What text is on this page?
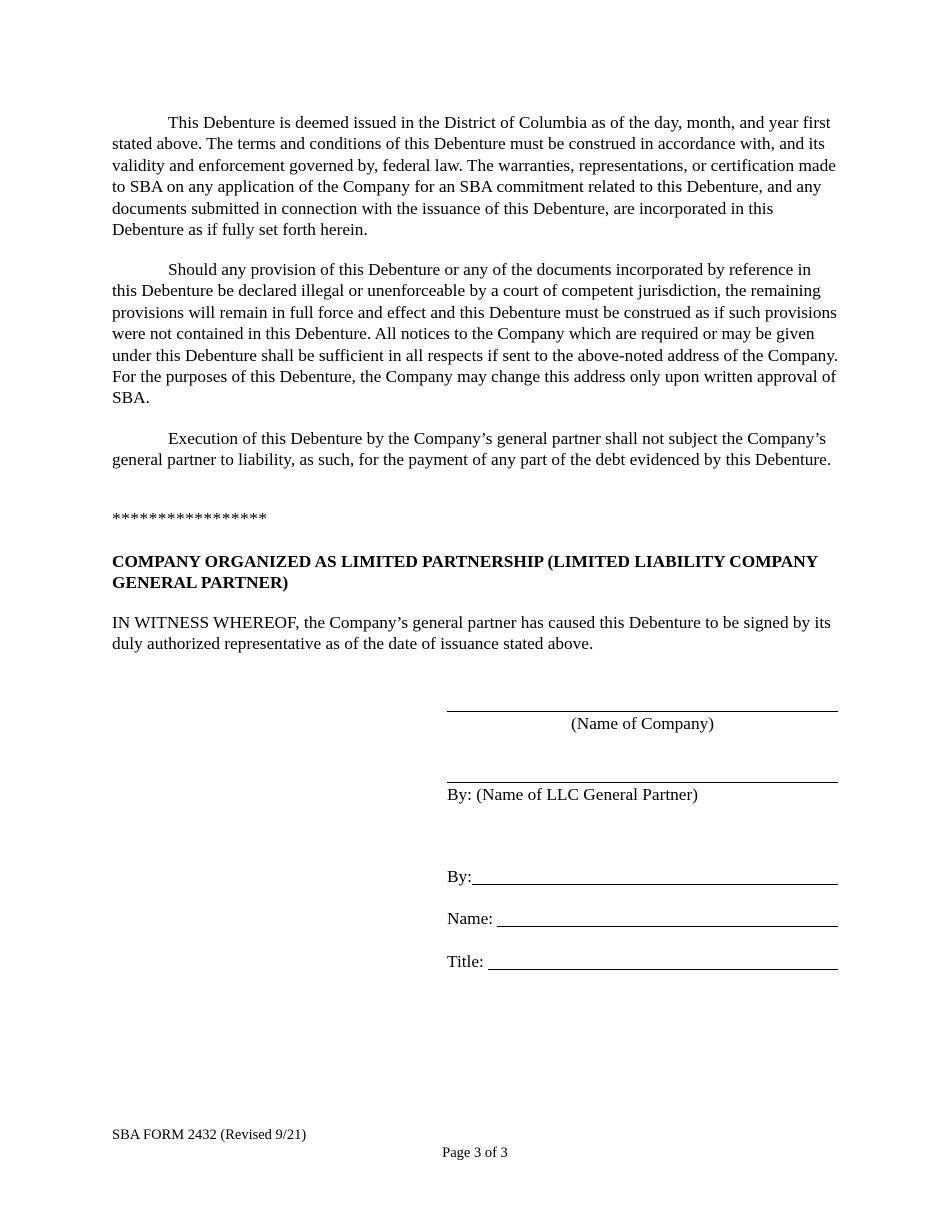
This Debenture is deemed issued in the District of Columbia as of the day, month, and year first stated above. The terms and conditions of this Debenture must be construed in accordance with, and its validity and enforcement governed by, federal law. The warranties, representations, or certification made to SBA on any application of the Company for an SBA commitment related to this Debenture, and any documents submitted in connection with the issuance of this Debenture, are incorporated in this Debenture as if fully set forth herein.

Should any provision of this Debenture or any of the documents incorporated by reference in this Debenture be declared illegal or unenforceable by a court of competent jurisdiction, the remaining provisions will remain in full force and effect and this Debenture must be construed as if such provisions were not contained in this Debenture. All notices to the Company which are required or may be given under this Debenture shall be sufficient in all respects if sent to the above-noted address of the Company. For the purposes of this Debenture, the Company may change this address only upon written approval of SBA.

Execution of this Debenture by the Company’s general partner shall not subject the Company’s general partner to liability, as such, for the payment of any part of the debt evidenced by this Debenture.

*****************

COMPANY ORGANIZED AS LIMITED PARTNERSHIP (LIMITED LIABILITY COMPANY GENERAL PARTNER)

IN WITNESS WHEREOF, the Company’s general partner has caused this Debenture to be signed by its duly authorized representative as of the date of issuance stated above.

(Name of Company)
By: (Name of LLC General Partner)
By:
Name:
Title:
SBA FORM 2432 (Revised 9/21)
Page 3 of 3
